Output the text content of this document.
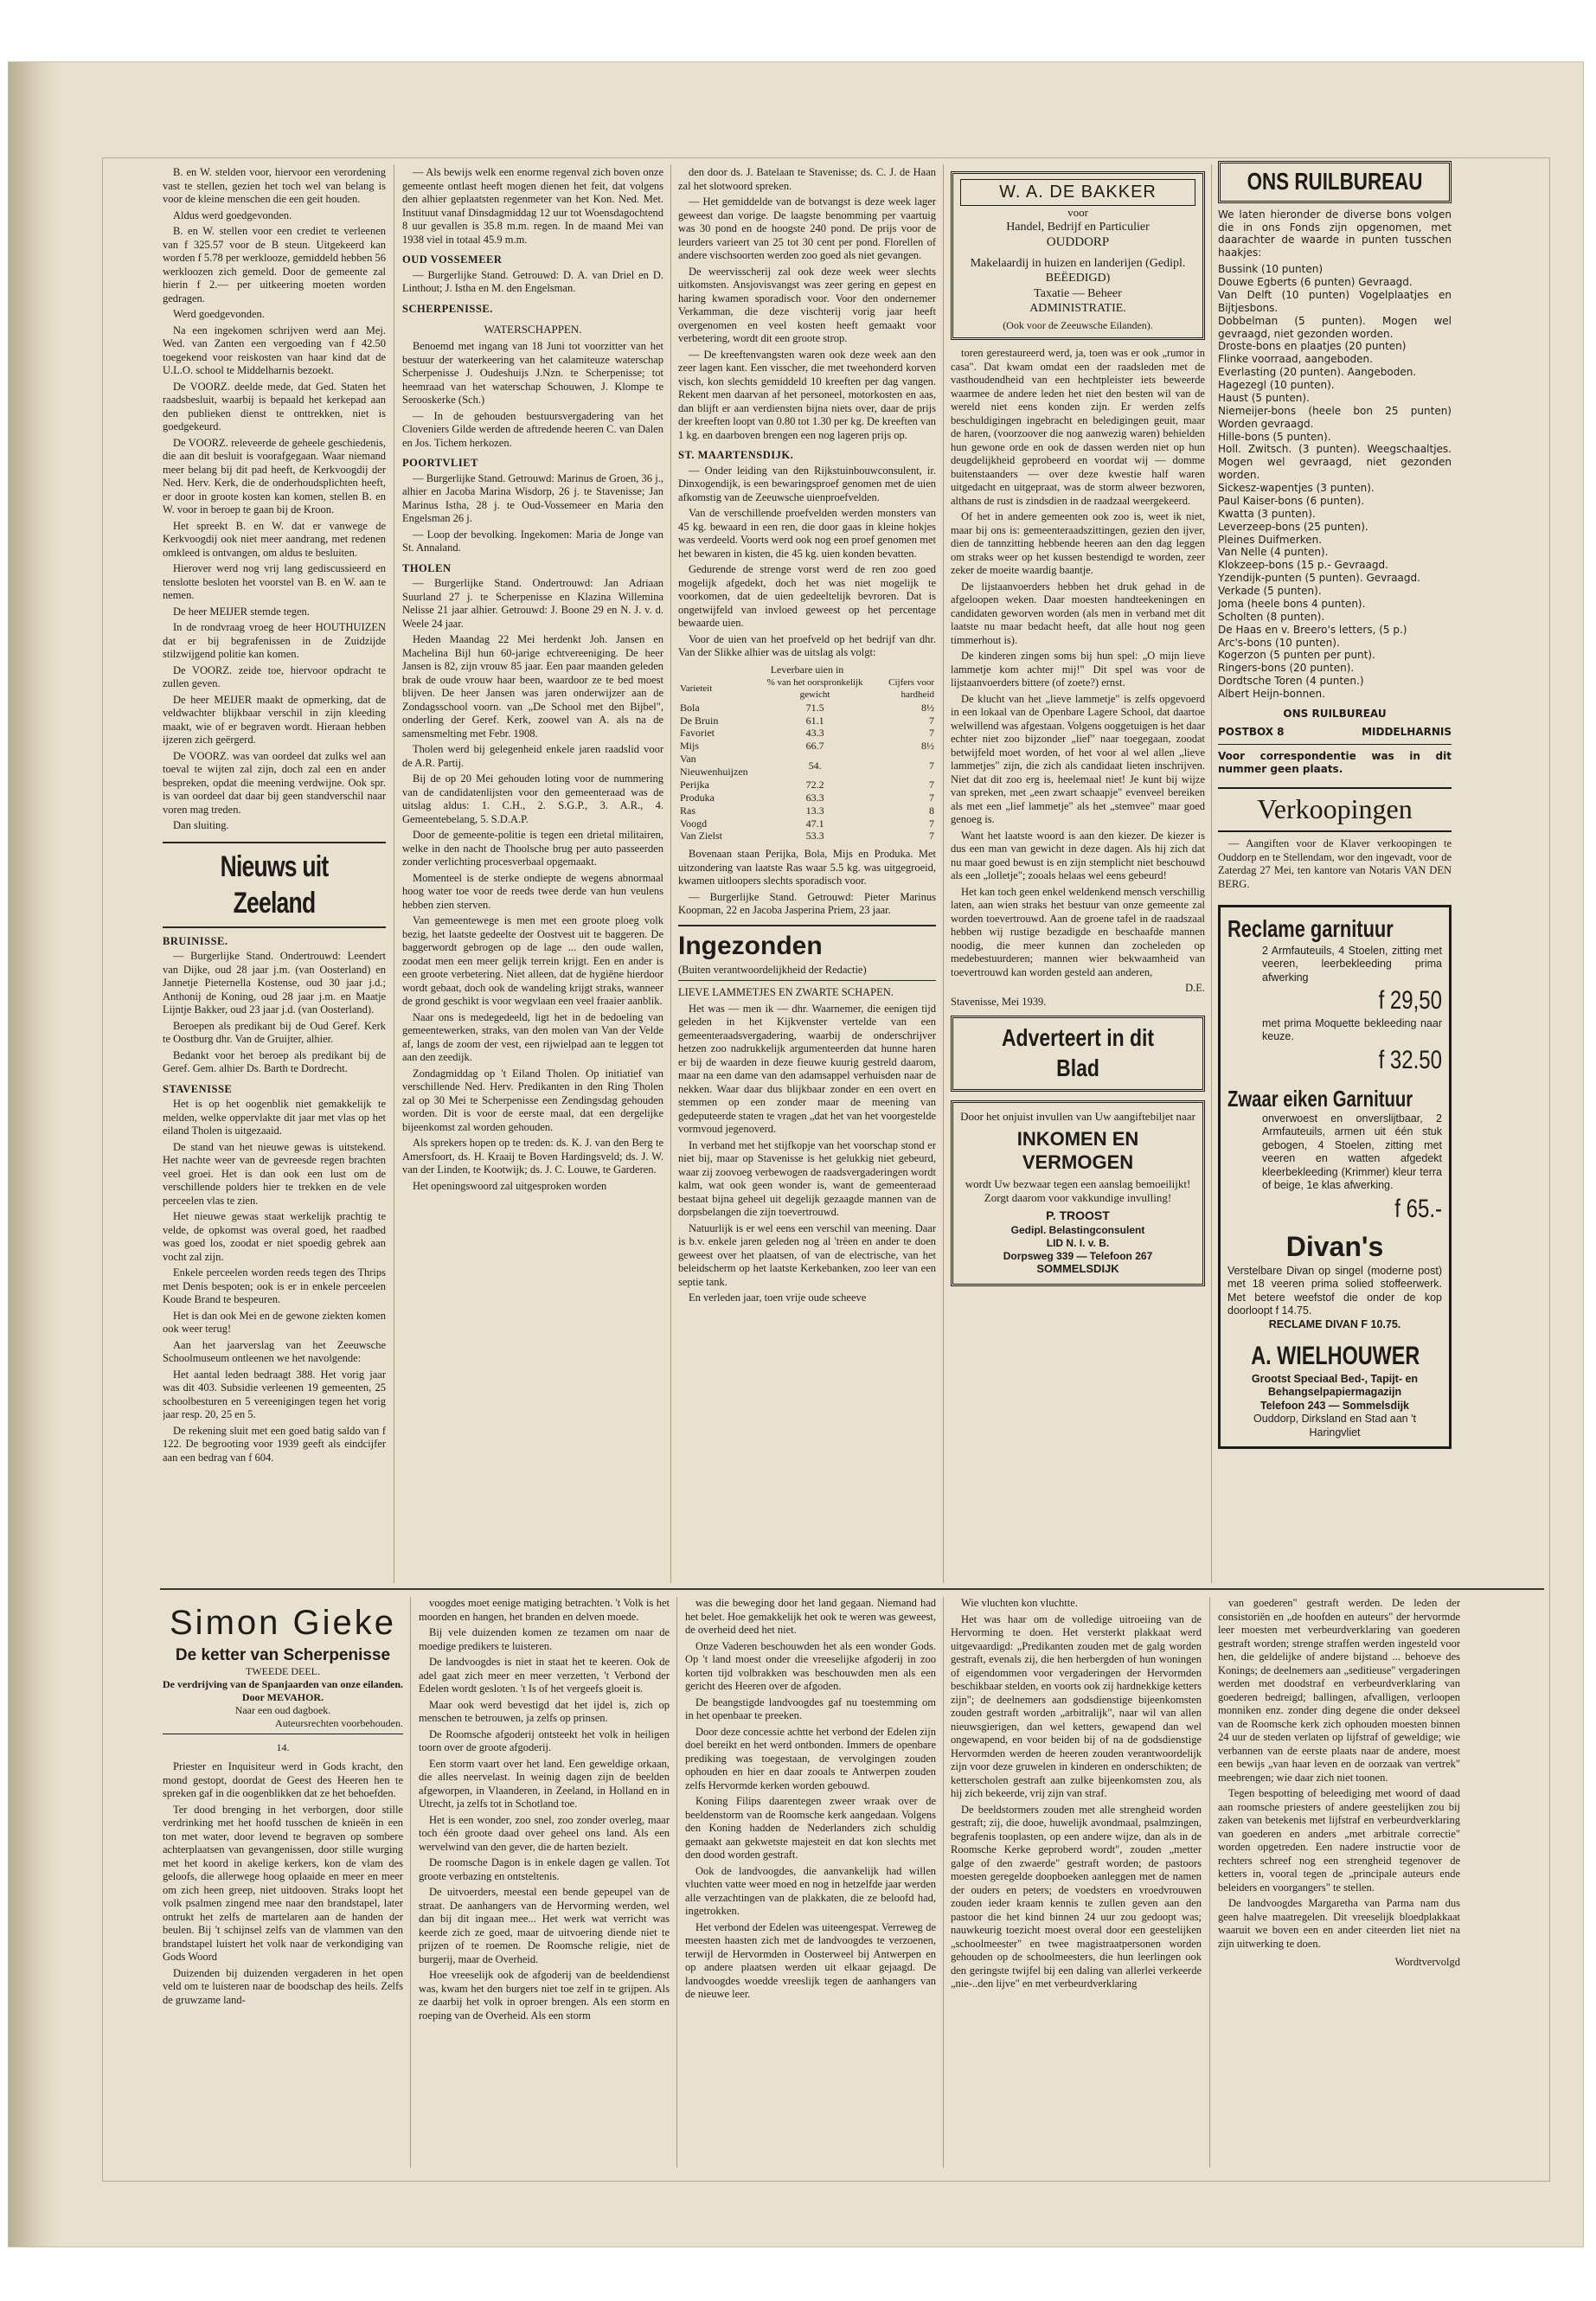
B. en W. stelden voor, hiervoor een verordening vast te stellen, gezien het toch wel van belang is voor de kleine menschen die een geit houden.

Aldus werd goedgevonden.

B. en W. stellen voor een crediet te verleenen van f 325.57 voor de B steun. Uitgekeerd kan worden f 5.78 per werklooze, gemiddeld hebben 56 werkloozen zich gemeld. Door de gemeente zal hierin f 2.— per uitkeering moeten worden gedragen.

Werd goedgevonden.

Na een ingekomen schrijven werd aan Mej. Wed. van Zanten een vergoeding van f 42.50 toegekend voor reiskosten van haar kind dat de U.L.O. school te Middelharnis bezoekt.

De VOORZ. deelde mede, dat Ged. Staten het raadsbesluit, waarbij is bepaald het kerkepad aan den publieken dienst te onttrekken, niet is goedgekeurd.

De VOORZ. releveerde de geheele geschiedenis, die aan dit besluit is voorafgegaan. Waar niemand meer belang bij dit pad heeft, de Kerkvoogdij der Ned. Herv. Kerk, die de onderhoudsplichten heeft, er door in groote kosten kan komen, stellen B. en W. voor in beroep te gaan bij de Kroon.

Het spreekt B. en W. dat er vanwege de Kerkvoogdij ook niet meer aandrang, met redenen omkleed is ontvangen, om aldus te besluiten.

Hierover werd nog vrij lang gediscussieerd en tenslotte besloten het voorstel van B. en W. aan te nemen.

De heer MEIJER stemde tegen.

In de rondvraag vroeg de heer HOUTHUIZEN dat er bij begrafenissen in de Zuidzijde stilzwijgend politie kan komen.

De VOORZ. zeide toe, hiervoor opdracht te zullen geven.

De heer MEIJER maakt de opmerking, dat de veldwachter blijkbaar verschil in zijn kleeding maakt, wie of er begraven wordt. Hieraan hebben ijzeren zich geërgerd.

De VOORZ. was van oordeel dat zulks wel aan toeval te wijten zal zijn, doch zal een en ander bespreken, opdat die meening verdwijne. Ook spr. is van oordeel dat daar bij geen standverschil naar voren mag treden.

Dan sluiting.

Nieuws uit Zeeland
BRUINISSE.

— Burgerlijke Stand. Ondertrouwd: Leendert van Dijke, oud 28 jaar j.m. (van Oosterland) en Jannetje Pieternella Kostense, oud 30 jaar j.d.; Anthonij de Koning, oud 28 jaar j.m. en Maatje Lijntje Bakker, oud 23 jaar j.d. (van Oosterland).

Beroepen als predikant bij de Oud Geref. Kerk te Oostburg dhr. Van de Gruijter, alhier.

Bedankt voor het beroep als predikant bij de Geref. Gem. alhier Ds. Barth te Dordrecht.

STAVENISSE

Het is op het oogenblik niet gemakkelijk te melden, welke oppervlakte dit jaar met vlas op het eiland Tholen is uitgezaaid.

De stand van het nieuwe gewas is uitstekend. Het nachte weer van de gevreesde regen brachten veel groei. Het is dan ook een lust om de verschillende polders hier te trekken en de vele perceelen vlas te zien.

Het nieuwe gewas staat werkelijk prachtig te velde, de opkomst was overal goed, het raadbed was goed los, zoodat er niet spoedig gebrek aan vocht zal zijn.

Enkele perceelen worden reeds tegen des Thrips met Denis bespoten; ook is er in enkele perceelen Koude Brand te bespeuren.

Het is dan ook Mei en de gewone ziekten komen ook weer terug!

Aan het jaarverslag van het Zeeuwsche Schoolmuseum ontleenen we het navolgende:

Het aantal leden bedraagt 388. Het vorig jaar was dit 403. Subsidie verleenen 19 gemeenten, 25 schoolbesturen en 5 vereenigingen tegen het vorig jaar resp. 20, 25 en 5.

De rekening sluit met een goed batig saldo van f 122. De begrooting voor 1939 geeft als eindcijfer aan een bedrag van f 604.

— Als bewijs welk een enorme regenval zich boven onze gemeente ontlast heeft mogen dienen het feit, dat volgens den alhier geplaatsten regenmeter van het Kon. Ned. Met. Instituut vanaf Dinsdagmiddag 12 uur tot Woensdagochtend 8 uur gevallen is 35.8 m.m. regen. In de maand Mei van 1938 viel in totaal 45.9 m.m.

OUD VOSSEMEER

— Burgerlijke Stand. Getrouwd: D. A. van Driel en D. Linthout; J. Istha en M. den Engelsman.

SCHERPENISSE.
WATERSCHAPPEN.

Benoemd met ingang van 18 Juni tot voorzitter van het bestuur der waterkeering van het calamiteuze waterschap Scherpenisse J. Oudeshuijs J.Nzn. te Scherpenisse; tot heemraad van het waterschap Schouwen, J. Klompe te Serooskerke (Sch.)

— In de gehouden bestuursvergadering van het Cloveniers Gilde werden de aftredende heeren C. van Dalen en Jos. Tichem herkozen.

POORTVLIET

— Burgerlijke Stand. Getrouwd: Marinus de Groen, 36 j., alhier en Jacoba Marina Wisdorp, 26 j. te Stavenisse; Jan Marinus Istha, 28 j. te Oud-Vossemeer en Maria den Engelsman 26 j.

— Loop der bevolking. Ingekomen: Maria de Jonge van St. Annaland.

THOLEN

— Burgerlijke Stand. Ondertrouwd: Jan Adriaan Suurland 27 j. te Scherpenisse en Klazina Willemina Nelisse 21 jaar alhier. Getrouwd: J. Boone 29 en N. J. v. d. Weele 24 jaar.

Heden Maandag 22 Mei herdenkt Joh. Jansen en Machelina Bijl hun 60-jarige echtvereeniging. De heer Jansen is 82, zijn vrouw 85 jaar. Een paar maanden geleden brak de oude vrouw haar been, waardoor ze te bed moest blijven. De heer Jansen was jaren onderwijzer aan de Zondagsschool voorn. van „De School met den Bijbel", onderling der Geref. Kerk, zoowel van A. als na de samensmelting met Febr. 1908.

Tholen werd bij gelegenheid enkele jaren raadslid voor de A.R. Partij.

Bij de op 20 Mei gehouden loting voor de nummering van de candidatenlijsten voor den gemeenteraad was de uitslag aldus: 1. C.H., 2. S.G.P., 3. A.R., 4. Gemeentebelang, 5. S.D.A.P.

Door de gemeente-politie is tegen een drietal militairen, welke in den nacht de Thoolsche brug per auto passeerden zonder verlichting procesverbaal opgemaakt.

Momenteel is de sterke ondiepte de wegens abnormaal hoog water toe voor de reeds twee derde van hun veulens hebben zien sterven.

Van gemeentewege is men met een groote ploeg volk bezig, het laatste gedeelte der Oostvest uit te baggeren. De baggerwordt gebrogen op de lage ... den oude wallen, zoodat men een meer gelijk terrein krijgt. Een en ander is een groote verbetering. Niet alleen, dat de hygiëne hierdoor wordt gebaat, doch ook de wandeling krijgt straks, wanneer de grond geschikt is voor wegvlaan een veel fraaier aanblik.

Naar ons is medegedeeld, ligt het in de bedoeling van gemeentewerken, straks, van den molen van Van der Velde af, langs de zoom der vest, een rijwielpad aan te leggen tot aan den zeedijk.

Zondagmiddag op 't Eiland Tholen. Op initiatief van verschillende Ned. Herv. Predikanten in den Ring Tholen zal op 30 Mei te Scherpenisse een Zendingsdag gehouden worden. Dit is voor de eerste maal, dat een dergelijke bijeenkomst zal worden gehouden.

Als sprekers hopen op te treden: ds. K. J. van den Berg te Amersfoort, ds. H. Kraaij te Boven Hardingsveld; ds. J. W. van der Linden, te Kootwijk; ds. J. C. Louwe, te Garderen.

Het openingswoord zal uitgesproken worden

den door ds. J. Batelaan te Stavenisse; ds. C. J. de Haan zal het slotwoord spreken.

— Het gemiddelde van de botvangst is deze week lager geweest dan vorige. De laagste benomming per vaartuig was 30 pond en de hoogste 240 pond. De prijs voor de leurders varieert van 25 tot 30 cent per pond. Florellen of andere vischsoorten werden zoo goed als niet gevangen.

De weervisscherij zal ook deze week weer slechts uitkomsten. Ansjovisvangst was zeer gering en gepest en haring kwamen sporadisch voor. Voor den ondernemer Verkamman, die deze vischterij vorig jaar heeft overgenomen en veel kosten heeft gemaakt voor verbetering, wordt dit een groote strop.

— De kreeftenvangsten waren ook deze week aan den zeer lagen kant. Een visscher, die met tweehonderd korven visch, kon slechts gemiddeld 10 kreeften per dag vangen. Rekent men daarvan af het personeel, motorkosten en aas, dan blijft er aan verdiensten bijna niets over, daar de prijs der kreeften loopt van 0.80 tot 1.30 per kg. De kreeften van 1 kg. en daarboven brengen een nog lageren prijs op.

ST. MAARTENSDIJK.

— Onder leiding van den Rijkstuinbouwconsulent, ir. Dinxogendijk, is een bewaringsproef genomen met de uien afkomstig van de Zeeuwsche uienproefvelden.

Van de verschillende proefvelden werden monsters van 45 kg. bewaard in een ren, die door gaas in kleine hokjes was verdeeld. Voorts werd ook nog een proef genomen met het bewaren in kisten, die 45 kg. uien konden bevatten.

Gedurende de strenge vorst werd de ren zoo goed mogelijk afgedekt, doch het was niet mogelijk te voorkomen, dat de uien gedeeltelijk bevroren. Dat is ongetwijfeld van invloed geweest op het percentage bewaarde uien.

Voor de uien van het proefveld op het bedrijf van dhr. Van der Slikke alhier was de uitslag als volgt:

Leverbare uien in
Varieteit	% van het oorspronkelijk gewicht	Cijfers voor hardheid
Bola	71.5	8½
De Bruin	61.1	7
Favoriet	43.3	7
Mijs	66.7	8½
Van Nieuwenhuijzen	54.	7
Perijka	72.2	7
Produka	63.3	7
Ras	13.3	8
Voogd	47.1	7
Van Zielst	53.3	7

Bovenaan staan Perijka, Bola, Mijs en Produka. Met uitzondering van laatste Ras waar 5.5 kg. was uitgegroeid, kwamen uitloopers slechts sporadisch voor.

— Burgerlijke Stand. Getrouwd: Pieter Marinus Koopman, 22 en Jacoba Jasperina Priem, 23 jaar.

Ingezonden
(Buiten verantwoordelijkheid der Redactie)

LIEVE LAMMETJES EN ZWARTE SCHAPEN.

Het was — men ik — dhr. Waarnemer, die eenigen tijd geleden in het Kijkvenster vertelde van een gemeenteraadsvergadering, waarbij de onderschrijver hetzen zoo nadrukkelijk argumenteerden dat hunne haren er bij de waarden in deze fieuwe kuurig gestreld daarom, maar na een dame van den adamsappel verhuisden naar de nekken. Waar daar dus blijkbaar zonder en een overt en stemmen op een zonder maar de meening van gedeputeerde staten te vragen „dat het van het voorgestelde vormvoud jegenoverd.

In verband met het stijfkopje van het voorschap stond er niet bij, maar op Stavenisse is het gelukkig niet gebeurd, waar zij zoovoeg verbewogen de raadsvergaderingen wordt kalm, wat ook geen wonder is, want de gemeenteraad bestaat bijna geheel uit degelijk gezaagde mannen van de dorpsbelangen die zijn toevertrouwd.

Natuurlijk is er wel eens een verschil van meening. Daar is b.v. enkele jaren geleden nog al 'trèen en ander te doen geweest over het plaatsen, of van de electrische, van het beleidscherm op het laatste Kerkebanken, zoo leer van een septie tank.

En verleden jaar, toen vrije oude scheeve

W. A. DE BAKKER
voor
Handel, Bedrijf en Particulier
OUDDORP
Makelaardij in huizen en landerijen (Gedipl. BEËEDIGD)
Taxatie — Beheer
ADMINISTRATIE.
(Ook voor de Zeeuwsche Eilanden).

toren gerestaureerd werd, ja, toen was er ook „rumor in casa". Dat kwam omdat een der raadsleden met de vasthoudendheid van een hechtpleister iets beweerde waarmee de andere leden het niet den besten wil van de wereld niet eens konden zijn. Er werden zelfs beschuldigingen ingebracht en beledigingen geuit, maar de haren, (voorzoover die nog aanwezig waren) behielden hun gewone orde en ook de dassen werden niet op hun deugdelijkheid geprobeerd en voordat wij — domme buitenstaanders — over deze kwestie half waren uitgedacht en uitgepraat, was de storm alweer bezworen, althans de rust is zindsdien in de raadzaal weergekeerd.

Of het in andere gemeenten ook zoo is, weet ik niet, maar bij ons is: gemeenteraadszittingen, gezien den ijver, dien de tannzitting hebbende heeren aan den dag leggen om straks weer op het kussen bestendigd te worden, zeer zeker de moeite waardig baantje.

De lijstaanvoerders hebben het druk gehad in de afgeloopen weken. Daar moesten handteekeningen en candidaten geworven worden (als men in verband met dit laatste nu maar bedacht heeft, dat alle hout nog geen timmerhout is).

De kinderen zingen soms bij hun spel: „O mijn lieve lammetje kom achter mij!" Dit spel was voor de lijstaanvoerders bittere (of zoete?) ernst.

De klucht van het „lieve lammetje" is zelfs opgevoerd in een lokaal van de Openbare Lagere School, dat daartoe welwillend was afgestaan. Volgens ooggetuigen is het daar echter niet zoo bijzonder „lief" naar toegegaan, zoodat betwijfeld moet worden, of het voor al wel allen „lieve lammetjes" zijn, die zich als candidaat lieten inschrijven. Niet dat dit zoo erg is, heelemaal niet! Je kunt bij wijze van spreken, met „een zwart schaapje" evenveel bereiken als met een „lief lammetje" als het „stemvee" maar goed genoeg is.

Want het laatste woord is aan den kiezer. De kiezer is dus een man van gewicht in deze dagen. Als hij zich dat nu maar goed bewust is en zijn stemplicht niet beschouwd als een „lolletje"; zooals helaas wel eens gebeurd!

Het kan toch geen enkel weldenkend mensch verschillig laten, aan wien straks het bestuur van onze gemeente zal worden toevertrouwd. Aan de groene tafel in de raadszaal hebben wij rustige bezadigde en beschaafde mannen noodig, die meer kunnen dan zocheleden op medebestuurderen; mannen wier bekwaamheid van toevertrouwd kan worden gesteld aan anderen,

D.E.
Stavenisse, Mei 1939.
Adverteert in dit Blad
Door het onjuist invullen van Uw aangiftebiljet naar
INKOMEN EN VERMOGEN
wordt Uw bezwaar tegen een aanslag bemoeilijkt! Zorgt daarom voor vakkundige invulling!
P. TROOST
Gedipl. Belastingconsulent
LID N. I. v. B.
Dorpsweg 339 — Telefoon 267
SOMMELSDIJK
ONS RUILBUREAU
We laten hieronder de diverse bons volgen die in ons Fonds zijn opgenomen, met daarachter de waarde in punten tusschen haakjes:
Bussink (10 punten)
Douwe Egberts (6 punten) Gevraagd.
Van Delft (10 punten) Vogelplaatjes en Bijtjesbons.
Dobbelman (5 punten). Mogen wel gevraagd, niet gezonden worden.
Droste-bons en plaatjes (20 punten)
Flinke voorraad, aangeboden.
Everlasting (20 punten). Aangeboden.
Hagezegl (10 punten).
Haust (5 punten).
Niemeijer-bons (heele bon 25 punten) Worden gevraagd.
Hille-bons (5 punten).
Holl. Zwitsch. (3 punten). Weegschaaltjes. Mogen wel gevraagd, niet gezonden worden.
Sickesz-wapentjes (3 punten).
Paul Kaiser-bons (6 punten).
Kwatta (3 punten).
Leverzeep-bons (25 punten).
Pleines Duifmerken.
Van Nelle (4 punten).
Klokzeep-bons (15 p.- Gevraagd.
Yzendijk-punten (5 punten). Gevraagd.
Verkade (5 punten).
Joma (heele bons 4 punten).
Scholten (8 punten).
De Haas en v. Breero's letters, (5 p.)
Arc's-bons (10 punten).
Kogerzon (5 punten per punt).
Ringers-bons (20 punten).
Dordtsche Toren (4 punten.)
Albert Heijn-bonnen.
ONS RUILBUREAU
POSTBOX 8	MIDDELHARNIS
Voor correspondentie was in dit nummer geen plaats.
Verkoopingen

— Aangiften voor de Klaver verkoopingen te Ouddorp en te Stellendam, wor den ingevadt, voor de Zaterdag 27 Mei, ten kantore van Notaris VAN DEN BERG.

Reclame garnituur
2 Armfauteuils, 4 Stoelen, zitting met veeren, leerbekleeding prima afwerking
f 29,50
met prima Moquette bekleeding naar keuze.
f 32.50
Zwaar eiken Garnituur
onverwoest en onverslijtbaar, 2 Armfauteuils, armen uit één stuk gebogen, 4 Stoelen, zitting met veeren en watten afgedekt kleerbekleeding (Krimmer) kleur terra of beige, 1e klas afwerking.
f 65.-
Divan's
Verstelbare Divan op singel (moderne post) met 18 veeren prima solied stoffeerwerk. Met betere weefstof die onder de kop doorloopt f 14.75.
RECLAME DIVAN F 10.75.
A. WIELHOUWER
Grootst Speciaal Bed-, Tapijt- en Behangselpapiermagazijn
Telefoon 243 — Sommelsdijk
Ouddorp, Dirksland en Stad aan 't Haringvliet
Simon Gieke
De ketter van Scherpenisse
TWEEDE DEEL.
De verdrijving van de Spanjaarden van onze eilanden.
Door MEVAHOR.
Naar een oud dagboek.
Auteursrechten voorbehouden.
14.

Priester en Inquisiteur werd in Gods kracht, den mond gestopt, doordat de Geest des Heeren hen te spreken gaf in die oogenblikken dat ze het behoefden.

Ter dood brenging in het verborgen, door stille verdrinking met het hoofd tusschen de knieën in een ton met water, door levend te begraven op sombere achterplaatsen van gevangenissen, door stille wurging met het koord in akelige kerkers, kon de vlam des geloofs, die allerwege hoog oplaaide en meer en meer om zich heen greep, niet uitdooven. Straks loopt het volk psalmen zingend mee naar den brandstapel, later ontrukt het zelfs de martelaren aan de handen der beulen. Bij 't schijnsel zelfs van de vlammen van den brandstapel luistert het volk naar de verkondiging van Gods Woord

Duizenden bij duizenden vergaderen in het open veld om te luisteren naar de boodschap des heils. Zelfs de gruwzame land-

voogdes moet eenige matiging betrachten. 't Volk is het moorden en hangen, het branden en delven moede.

Bij vele duizenden komen ze tezamen om naar de moedige predikers te luisteren.

De landvoogdes is niet in staat het te keeren. Ook de adel gaat zich meer en meer verzetten, 't Verbond der Edelen wordt gesloten. 't Is of het vergeefs gloeit is.

Maar ook werd bevestigd dat het ijdel is, zich op menschen te betrouwen, ja zelfs op prinsen.

De Roomsche afgoderij ontsteekt het volk in heiligen toorn over de groote afgoderij.

Een storm vaart over het land. Een geweldige orkaan, die alles neervelast. In weinig dagen zijn de beelden afgeworpen, in Vlaanderen, in Zeeland, in Holland en in Utrecht, ja zelfs tot in Schotland toe.

Het is een wonder, zoo snel, zoo zonder overleg, maar toch één groote daad over geheel ons land. Als een wervelwind van den gever, die de harten bezielt.

De roomsche Dagon is in enkele dagen ge vallen. Tot groote verbazing en ontsteltenis.

De uitvoerders, meestal een bende gepeupel van de straat. De aanhangers van de Hervorming werden, wel dan bij dit ingaan mee... Het werk wat verricht was keerde zich ze goed, maar de uitvoering diende niet te prijzen of te roemen. De Roomsche religie, niet de burgerij, maar de Overheid.

Hoe vreeselijk ook de afgoderij van de beeldendienst was, kwam het den burgers niet toe zelf in te grijpen. Als ze daarbij het volk in oproer brengen. Als een storm en roeping van de Overheid. Als een storm

was die beweging door het land gegaan. Niemand had het belet. Hoe gemakkelijk het ook te weren was geweest, de overheid deed het niet.

Onze Vaderen beschouwden het als een wonder Gods. Op 't land moest onder die vreeselijke afgoderij in zoo korten tijd volbrakken was beschouwden men als een gericht des Heeren over de afgoden.

De beangstigde landvoogdes gaf nu toestemming om in het openbaar te preeken.

Door deze concessie achtte het verbond der Edelen zijn doel bereikt en het werd ontbonden. Immers de openbare prediking was toegestaan, de vervolgingen zouden ophouden en hier en daar zooals te Antwerpen zouden zelfs Hervormde kerken worden gebouwd.

Koning Filips daarentegen zweer wraak over de beeldenstorm van de Roomsche kerk aangedaan. Volgens den Koning hadden de Nederlanders zich schuldig gemaakt aan gekwetste majesteit en dat kon slechts met den dood worden gestraft.

Ook de landvoogdes, die aanvankelijk had willen vluchten vatte weer moed en nog in hetzelfde jaar werden alle verzachtingen van de plakkaten, die ze beloofd had, ingetrokken.

Het verbond der Edelen was uiteengespat. Verreweg de meesten haasten zich met de landvoogdes te verzoenen, terwijl de Hervormden in Oosterweel bij Antwerpen en op andere plaatsen werden uit elkaar gejaagd. De landvoogdes woedde vreeslijk tegen de aanhangers van de nieuwe leer.

Wie vluchten kon vluchtte.

Het was haar om de volledige uitroeiing van de Hervorming te doen. Het versterkt plakkaat werd uitgevaardigd: „Predikanten zouden met de galg worden gestraft, evenals zij, die hen herbergden of hun woningen of eigendommen voor vergaderingen der Hervormden beschikbaar stelden, en voorts ook zij hardnekkige ketters zijn"; de deelnemers aan godsdienstige bijeenkomsten zouden gestraft worden „arbitralijk", naar wil van allen nieuwsgierigen, dan wel ketters, gewapend dan wel ongewapend, en voor beiden bij of na de godsdienstige Hervormden werden de heeren zouden verantwoordelijk zijn voor deze gruwelen in kinderen en onderschikten; de ketterscholen gestraft aan zulke bijeenkomsten zou, als hij zich bekeerde, vrij zijn van straf.

De beeldstormers zouden met alle strengheid worden gestraft; zij, die dooe, huwelijk avondmaal, psalmzingen, begrafenis tooplasten, op een andere wijze, dan als in de Roomsche Kerke geproberd wordt", zouden „metter galge of den zwaerde" gestraft worden; de pastoors moesten geregelde doopboeken aanleggen met de namen der ouders en peters; de voedsters en vroedvrouwen zouden ieder kraam kennis te zullen geven aan den pastoor die het kind binnen 24 uur zou gedoopt was; nauwkeurig toezicht moest overal door een geestelijken „schoolmeester" en twee magistraatpersonen worden gehouden op de schoolmeesters, die hun leerlingen ook den geringste twijfel bij een daling van allerlei verkeerde „nie-..den lijve" en met verbeurdverklaring

van goederen" gestraft werden. De leden der consistoriën en „de hoofden en auteurs" der hervormde leer moesten met verbeurdverklaring van goederen gestraft worden; strenge straffen werden ingesteld voor hen, die geldelijke of andere bijstand ... behoeve des Konings; de deelnemers aan „seditieuse" vergaderingen werden met doodstraf en verbeurdverklaring van goederen bedreigd; ballingen, afvalligen, verloopen monniken enz. zonder ding degene die onder dekseel van de Roomsche kerk zich ophouden moesten binnen 24 uur de steden verlaten op lijfstraf of geweldige; wie verbannen van de eerste plaats naar de andere, moest een bewijs „van haar leven en de oorzaak van vertrek" meebrengen; wie daar zich niet toonen.

Tegen bespotting of beleediging met woord of daad aan roomsche priesters of andere geestelijken zou bij zaken van betekenis met lijfstraf en verbeurdverklaring van goederen en anders „met arbitrale correctie" worden opgetreden. Een nadere instructie voor de rechters schreef nog een strengheid tegenover de ketters in, vooral tegen de „principale auteurs ende beleiders en voorgangers" te stellen.

De landvoogdes Margaretha van Parma nam dus geen halve maatregelen. Dit vreeselijk bloedplakkaat waaruit we boven een en ander citeerden liet niet na zijn uitwerking te doen.

Wordtvervolgd
